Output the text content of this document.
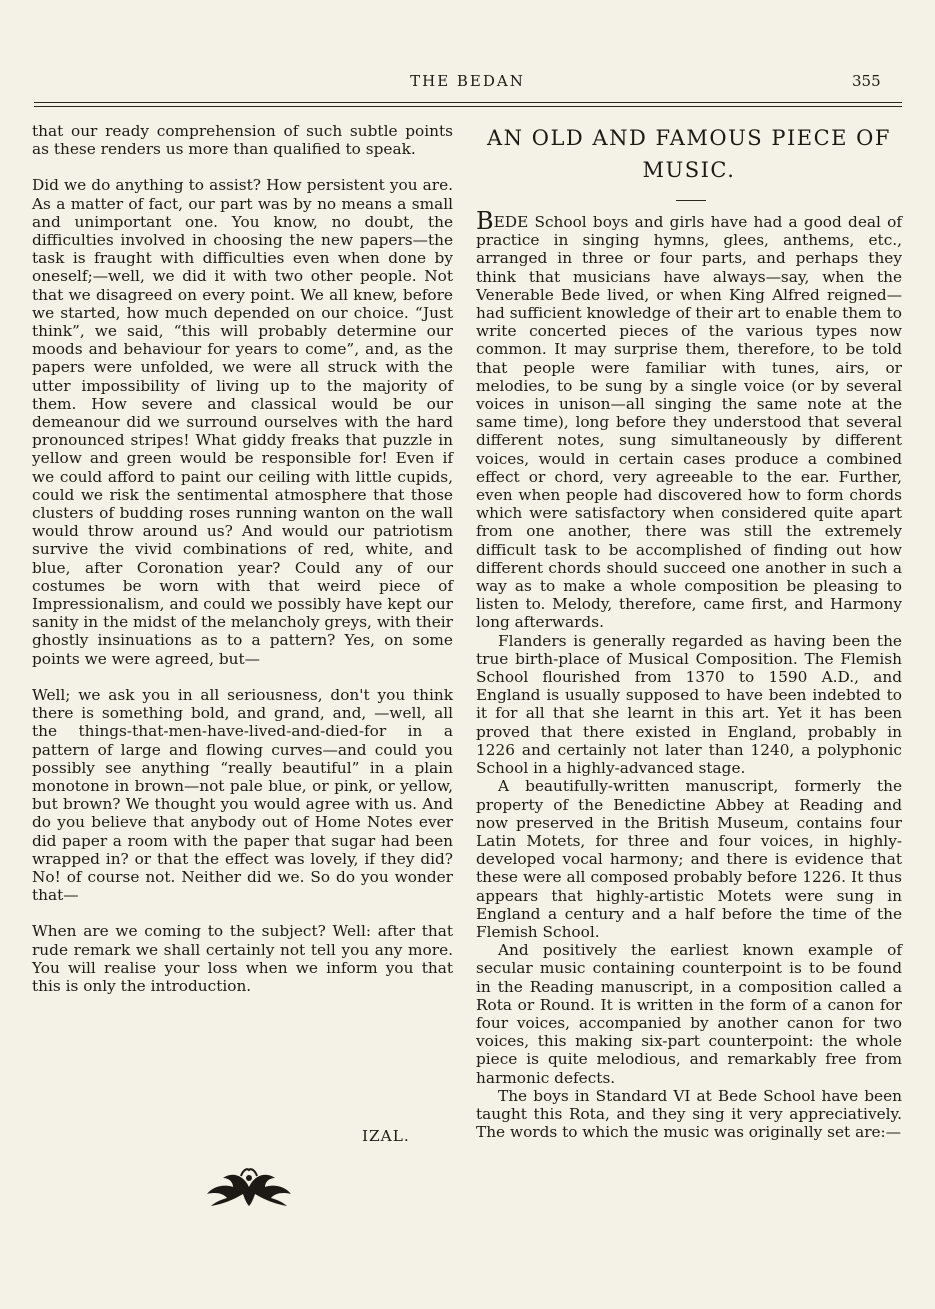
THE BEDAN	355

that our ready comprehension of such subtle points as these renders us more than qualified to speak.

Did we do anything to assist? How persistent you are. As a matter of fact, our part was by no means a small and unimportant one. You know, no doubt, the difficulties involved in choosing the new papers—the task is fraught with difficulties even when done by oneself;—well, we did it with two other people. Not that we disagreed on every point. We all knew, before we started, how much depended on our choice. “Just think”, we said, “this will probably determine our moods and behaviour for years to come”, and, as the papers were unfolded, we were all struck with the utter impossibility of living up to the majority of them. How severe and classical would be our demeanour did we surround ourselves with the hard pronounced stripes! What giddy freaks that puzzle in yellow and green would be responsible for! Even if we could afford to paint our ceiling with little cupids, could we risk the sentimental atmosphere that those clusters of budding roses running wanton on the wall would throw around us? And would our patriotism survive the vivid combinations of red, white, and blue, after Coronation year? Could any of our costumes be worn with that weird piece of Impressionalism, and could we possibly have kept our sanity in the midst of the melancholy greys, with their ghostly insinuations as to a pattern? Yes, on some points we were agreed, but—

Well; we ask you in all seriousness, don't you think there is something bold, and grand, and, —well, all the things-that-men-have-lived-and-died-for in a pattern of large and flowing curves—and could you possibly see anything “really beautiful” in a plain monotone in brown—not pale blue, or pink, or yellow, but brown? We thought you would agree with us. And do you believe that anybody out of Home Notes ever did paper a room with the paper that sugar had been wrapped in? or that the effect was lovely, if they did? No! of course not. Neither did we. So do you wonder that—

When are we coming to the subject? Well: after that rude remark we shall certainly not tell you any more. You will realise your loss when we inform you that this is only the introduction.

IZAL.
AN OLD AND FAMOUS PIECE OF
MUSIC.

BEDE School boys and girls have had a good deal of practice in singing hymns, glees, anthems, etc., arranged in three or four parts, and perhaps they think that musicians have always—say, when the Venerable Bede lived, or when King Alfred reigned—had sufficient knowledge of their art to enable them to write concerted pieces of the various types now common. It may surprise them, therefore, to be told that people were familiar with tunes, airs, or melodies, to be sung by a single voice (or by several voices in unison—all singing the same note at the same time), long before they understood that several different notes, sung simultaneously by different voices, would in certain cases produce a combined effect or chord, very agreeable to the ear. Further, even when people had discovered how to form chords which were satisfactory when considered quite apart from one another, there was still the extremely difficult task to be accomplished of finding out how different chords should succeed one another in such a way as to make a whole composition be pleasing to listen to. Melody, therefore, came first, and Harmony long afterwards.

Flanders is generally regarded as having been the true birth-place of Musical Composition. The Flemish School flourished from 1370 to 1590 A.D., and England is usually supposed to have been indebted to it for all that she learnt in this art. Yet it has been proved that there existed in England, probably in 1226 and certainly not later than 1240, a polyphonic School in a highly-advanced stage.

A beautifully-written manuscript, formerly the property of the Benedictine Abbey at Reading and now preserved in the British Museum, contains four Latin Motets, for three and four voices, in highly-developed vocal harmony; and there is evidence that these were all composed probably before 1226. It thus appears that highly-artistic Motets were sung in England a century and a half before the time of the Flemish School.

And positively the earliest known example of secular music containing counterpoint is to be found in the Reading manuscript, in a composition called a Rota or Round. It is written in the form of a canon for four voices, accompanied by another canon for two voices, this making six-part counterpoint: the whole piece is quite melodious, and remarkably free from harmonic defects.

The boys in Standard VI at Bede School have been taught this Rota, and they sing it very appreciatively. The words to which the music was originally set are:—
